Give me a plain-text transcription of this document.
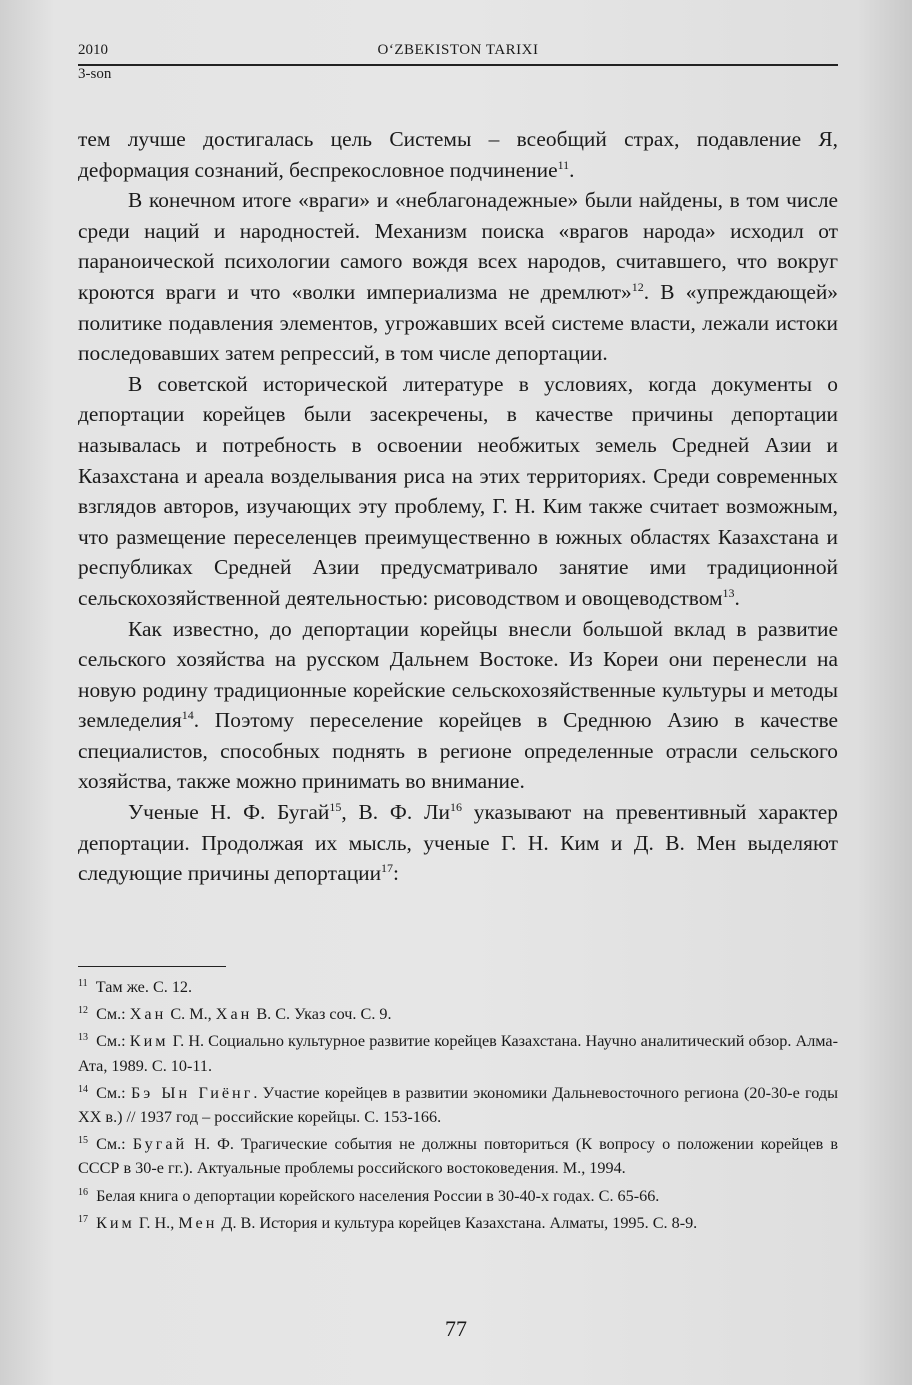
2010	O‘ZBEKISTON TARIXI
3-son

тем лучше достигалась цель Системы – всеобщий страх, подавление Я, деформация сознаний, беспрекословное подчинение$^{11}$.

В конечном итоге «враги» и «неблагонадежные» были найдены, в том числе среди наций и народностей. Механизм поиска «врагов народа» исходил от параноической психологии самого вождя всех народов, считавшего, что вокруг кроются враги и что «волки империализма не дремлют»$^{12}$. В «упреждающей» политике подавления элементов, угрожавших всей системе власти, лежали истоки последовавших затем репрессий, в том числе депортации.

В советской исторической литературе в условиях, когда документы о депортации корейцев были засекречены, в качестве причины депортации называлась и потребность в освоении необжитых земель Средней Азии и Казахстана и ареала возделывания риса на этих территориях. Среди современных взглядов авторов, изучающих эту проблему, Г. Н. Ким также считает возможным, что размещение переселенцев преимущественно в южных областях Казахстана и республиках Средней Азии предусматривало занятие ими традиционной сельскохозяйственной деятельностью: рисоводством и овощеводством$^{13}$.

Как известно, до депортации корейцы внесли большой вклад в развитие сельского хозяйства на русском Дальнем Востоке. Из Кореи они перенесли на новую родину традиционные корейские сельскохозяйственные культуры и методы земледелия$^{14}$. Поэтому переселение корейцев в Среднюю Азию в качестве специалистов, способных поднять в регионе определенные отрасли сельского хозяйства, также можно принимать во внимание.

Ученые Н. Ф. Бугай$^{15}$, В. Ф. $Ли^{16}$ указывают на превентивный характер депортации. Продолжая их мысль, ученые Г. Н. Ким и Д. В. Мен выделяют следующие причины депортации$^{17}$:

$^{11}$  Там же. С. 12.
$^{12}$  См.: Хан С. М., Хан В. С. Указ соч. С. 9.
$^{13}$  См.: Ким Г. Н. Социально культурное развитие корейцев Казахстана. Научно аналитический обзор. Алма-Ата, 1989. С. 10-11.
$^{14}$  См.: Бэ Ын Гиёнг. Участие корейцев в развитии экономики Дальневосточного региона (20-30-е годы ХХ в.) // 1937 год – российские корейцы. С. 153-166.
$^{15}$  См.: Бугай Н. Ф. Трагические события не должны повториться (К вопросу о положении корейцев в СССР в 30-е гг.). Актуальные проблемы российского востоковедения. М., 1994.
$^{16}$  Белая книга о депортации корейского населения России в 30-40-х годах. С. 65-66.
$^{17}$  Ким Г. Н., Мен Д. В. История и культура корейцев Казахстана. Алматы, 1995. С. 8-9.
77
